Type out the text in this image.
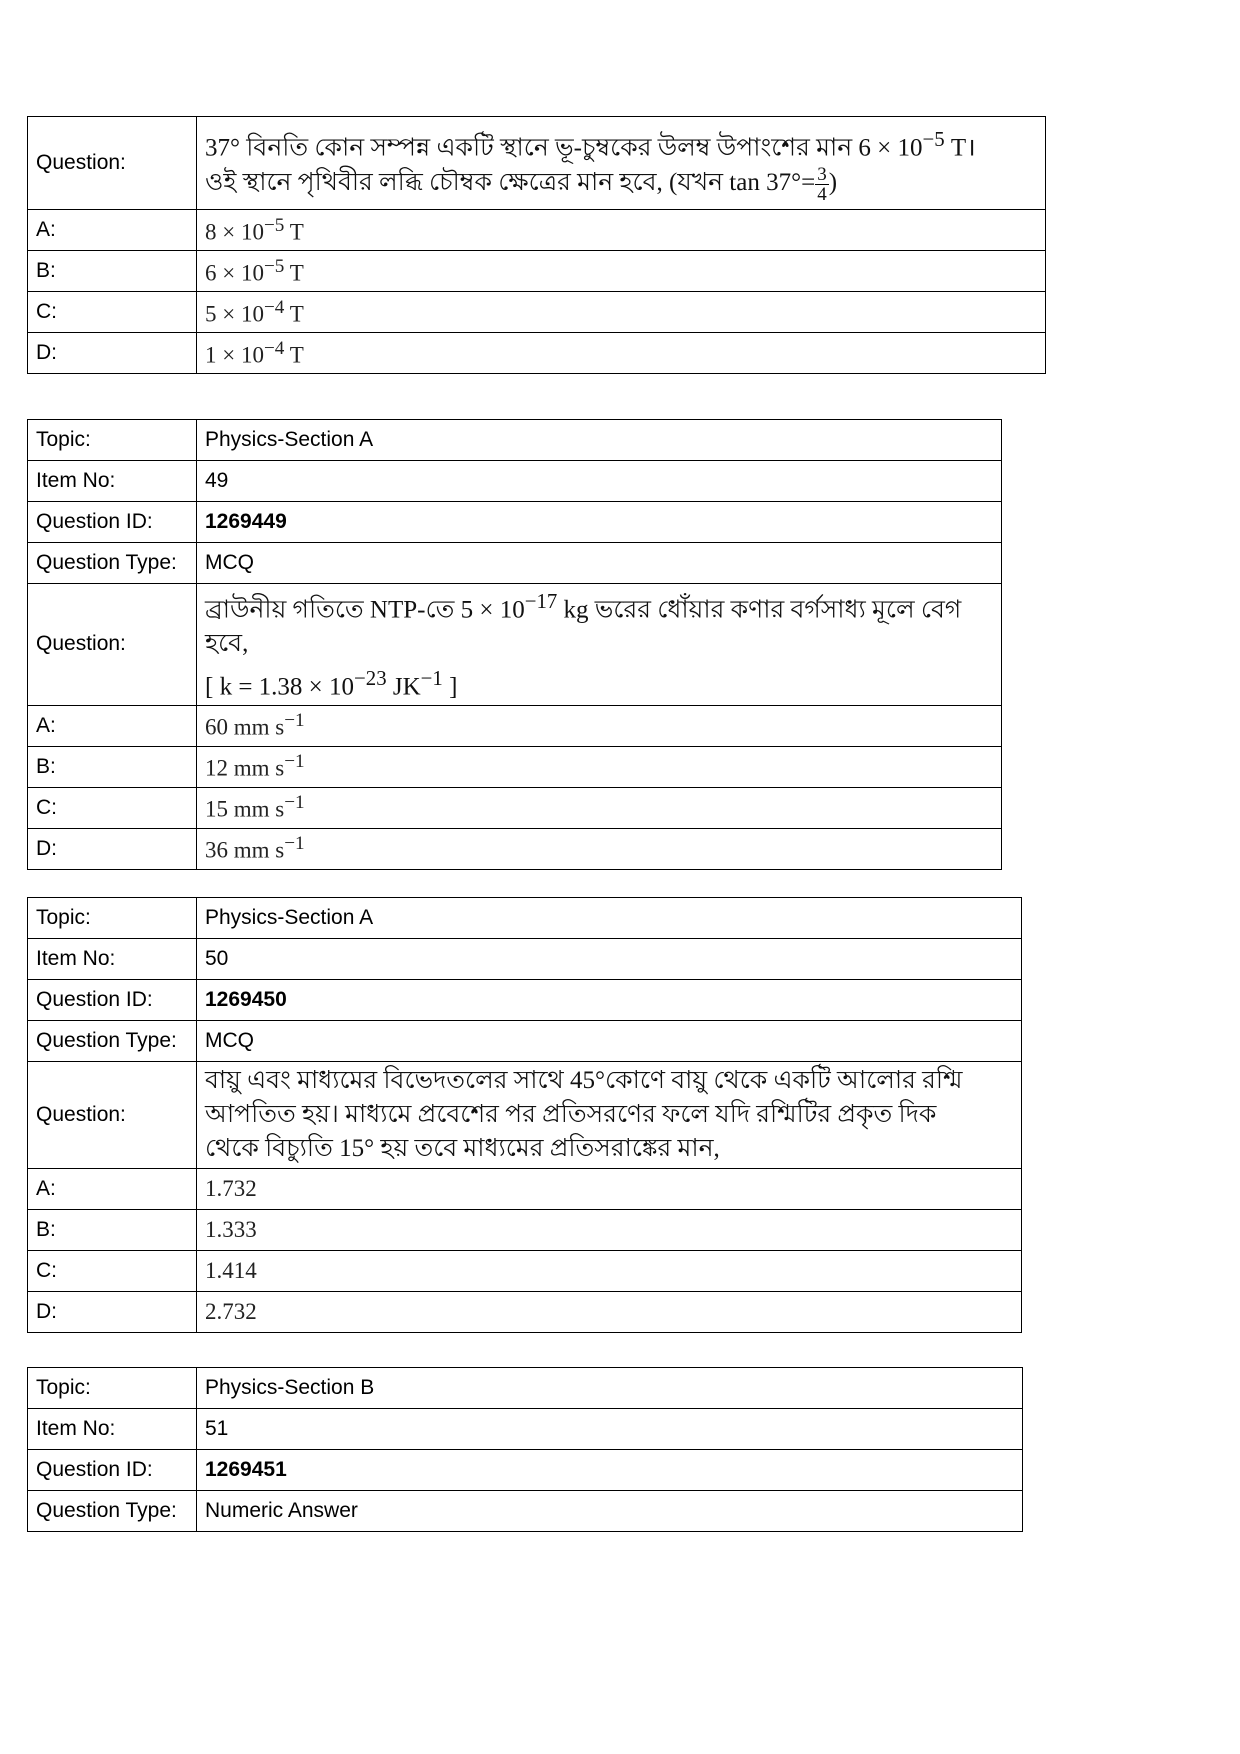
Question:	37° বিনতি কোন সম্পন্ন একটি স্থানে ভূ-চুম্বকের উলম্ব উপাংশের মান $6 \times 10^{-5}$ T।
ওই স্থানে পৃথিবীর লব্ধি চৌম্বক ক্ষেত্রের মান হবে, (যখন $\tan 37^\circ= \frac{3}{4}$ )

A:	$8 \times 10^{-5}$ T
B:	$6 \times 10^{-5}$ T
C:	$5 \times 10^{-4}$ T
D:	$1 \times 10^{-4}$ T
Topic:	Physics-Section A
Item No:	49
Question ID:	1269449
Question Type:	MCQ
Question:	ব্রাউনীয় গতিতে NTP-তে $5 \times 10^{-17}$ kg ভরের ধোঁয়ার কণার বর্গসাধ্য মূলে বেগ
হবে,
[ $k = 1.38 \times 10^{-23}$ $JK^{-1}$ ]

A:	60 mm $s^{-1}$
B:	12 mm $s^{-1}$
C:	15 mm $s^{-1}$
D:	36 mm $s^{-1}$
Topic:	Physics-Section A
Item No:	50
Question ID:	1269450
Question Type:	MCQ
Question:	বায়ু এবং মাধ্যমের বিভেদতলের সাথে 45°কোণে বায়ু থেকে একটি আলোর রশ্মি
আপতিত হয়। মাধ্যমে প্রবেশের পর প্রতিসরণের ফলে যদি রশ্মিটির প্রকৃত দিক
থেকে বিচ্যুতি 15° হয় তবে মাধ্যমের প্রতিসরাঙ্কের মান,

A:	1.732
B:	1.333
C:	1.414
D:	2.732
Topic:	Physics-Section B
Item No:	51
Question ID:	1269451
Question Type:	Numeric Answer
